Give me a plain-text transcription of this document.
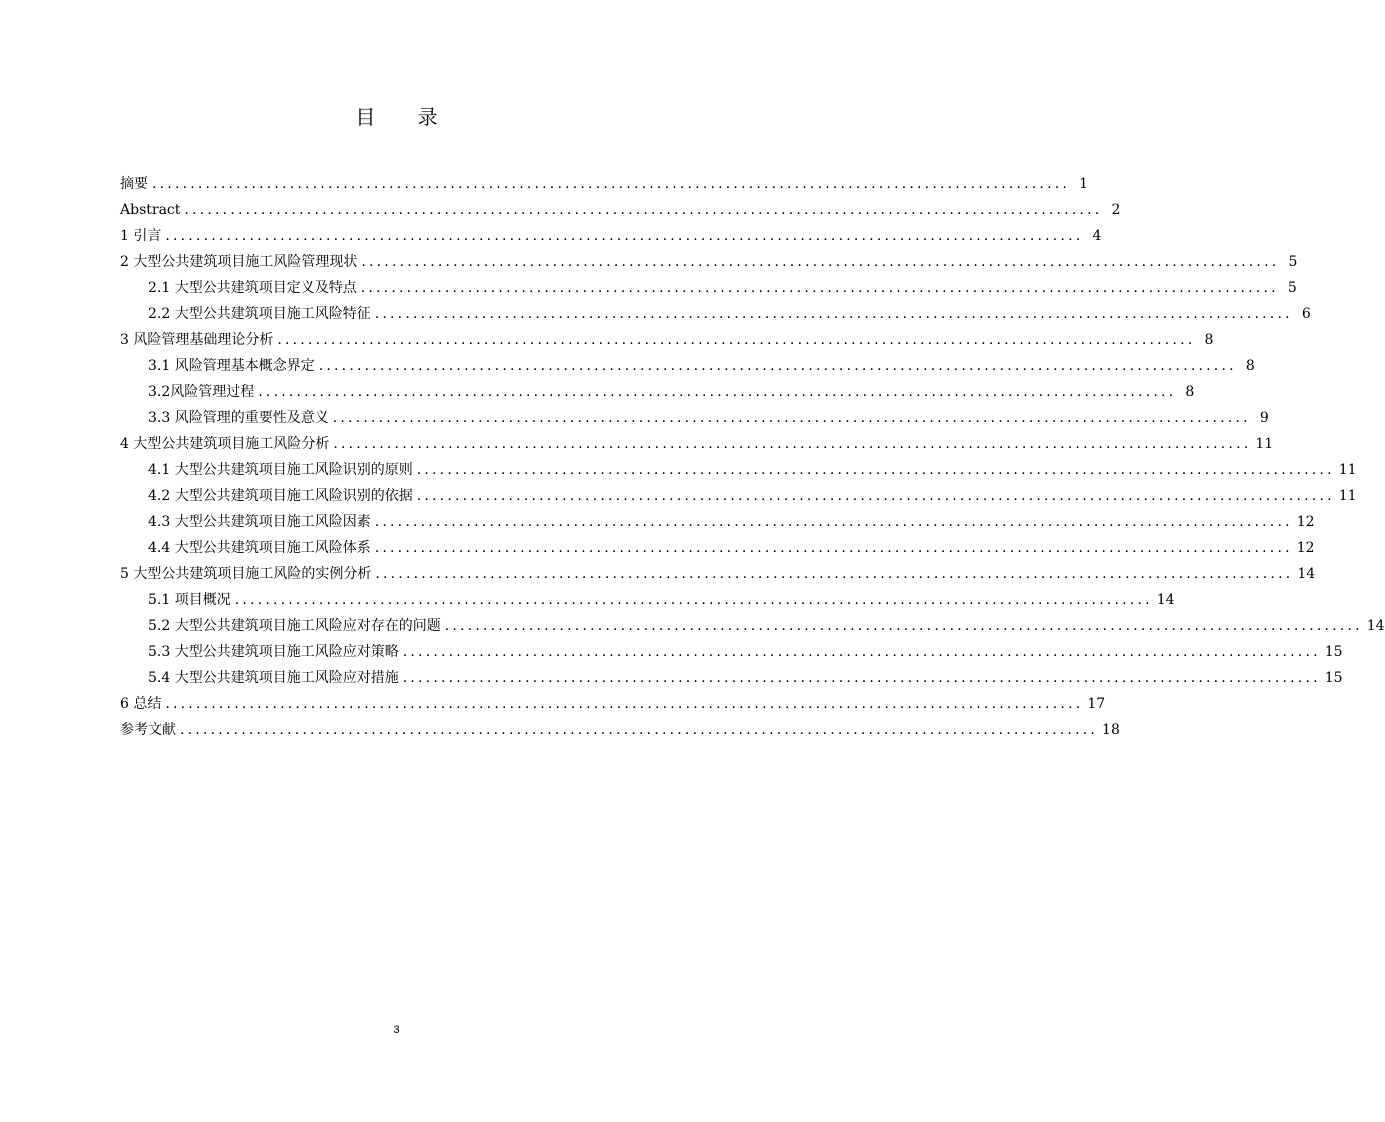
目 录
摘要 ........................................................................................................................ 1
Abstract ........................................................................................................................ 2
1 引言 ........................................................................................................................ 4
2 大型公共建筑项目施工风险管理现状 ........................................................................................................................ 5
2.1 大型公共建筑项目定义及特点 ........................................................................................................................ 5
2.2 大型公共建筑项目施工风险特征 ........................................................................................................................ 6
3 风险管理基础理论分析 ........................................................................................................................ 8
3.1 风险管理基本概念界定 ........................................................................................................................ 8
3.2风险管理过程 ........................................................................................................................ 8
3.3 风险管理的重要性及意义 ........................................................................................................................ 9
4 大型公共建筑项目施工风险分析 ........................................................................................................................ 11
4.1 大型公共建筑项目施工风险识别的原则 ........................................................................................................................ 11
4.2 大型公共建筑项目施工风险识别的依据 ........................................................................................................................ 11
4.3 大型公共建筑项目施工风险因素 ........................................................................................................................ 12
4.4 大型公共建筑项目施工风险体系 ........................................................................................................................ 12
5 大型公共建筑项目施工风险的实例分析 ........................................................................................................................ 14
5.1 项目概况 ........................................................................................................................ 14
5.2 大型公共建筑项目施工风险应对存在的问题 ........................................................................................................................ 14
5.3 大型公共建筑项目施工风险应对策略 ........................................................................................................................ 15
5.4 大型公共建筑项目施工风险应对措施 ........................................................................................................................ 15
6 总结 ........................................................................................................................ 17
参考文献 ........................................................................................................................ 18
3
